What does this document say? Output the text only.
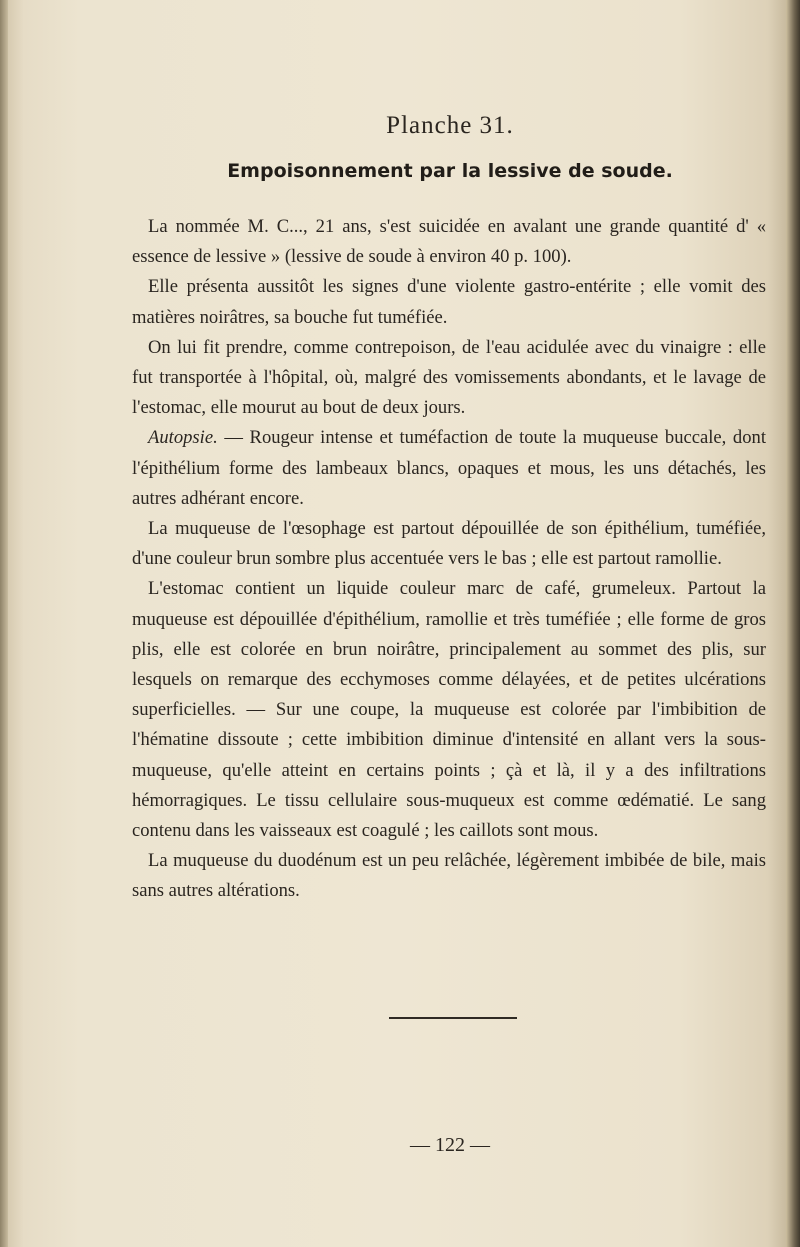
Planche 31.
Empoisonnement par la lessive de soude.

La nommée M. C..., 21 ans, s'est suicidée en avalant une grande quantité d' « essence de lessive » (lessive de soude à environ 40 p. 100).

Elle présenta aussitôt les signes d'une violente gastro-entérite ; elle vomit des matières noirâtres, sa bouche fut tuméfiée.

On lui fit prendre, comme contrepoison, de l'eau acidulée avec du vinaigre : elle fut transportée à l'hôpital, où, malgré des vomissements abondants, et le lavage de l'estomac, elle mourut au bout de deux jours.

Autopsie. — Rougeur intense et tuméfaction de toute la muqueuse buccale, dont l'épithélium forme des lambeaux blancs, opaques et mous, les uns détachés, les autres adhérant encore.

La muqueuse de l'œsophage est partout dépouillée de son épithélium, tuméfiée, d'une couleur brun sombre plus accentuée vers le bas ; elle est partout ramollie.

L'estomac contient un liquide couleur marc de café, grumeleux. Partout la muqueuse est dépouillée d'épithélium, ramollie et très tuméfiée ; elle forme de gros plis, elle est colorée en brun noirâtre, principalement au sommet des plis, sur lesquels on remarque des ecchymoses comme délayées, et de petites ulcérations superficielles. — Sur une coupe, la muqueuse est colorée par l'imbibition de l'hématine dissoute ; cette imbibition diminue d'intensité en allant vers la sous-muqueuse, qu'elle atteint en certains points ; çà et là, il y a des infiltrations hémorragiques. Le tissu cellulaire sous-muqueux est comme œdématié. Le sang contenu dans les vaisseaux est coagulé ; les caillots sont mous.

La muqueuse du duodénum est un peu relâchée, légèrement imbibée de bile, mais sans autres altérations.

— 122 —
